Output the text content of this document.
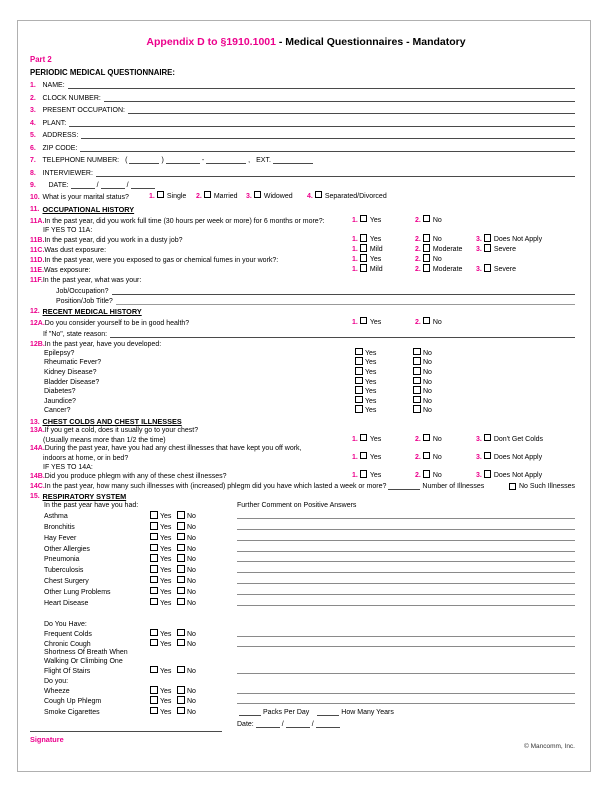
Appendix D to §1910.1001 - Medical Questionnaires - Mandatory
Part 2
PERIODIC MEDICAL QUESTIONNAIRE:
1. NAME:
2. CLOCK NUMBER:
3. PRESENT OCCUPATION:
4. PLANT:
5. ADDRESS:
6. ZIP CODE:
7. TELEPHONE NUMBER: (	)	-	, EXT.
8. INTERVIEWER:
9.	DATE:	/	/
10. What is your marital status?	1. Single 2. Married 3. Widowed 4. Separated/Divorced
11. OCCUPATIONAL HISTORY
11A. In the past year, did you work full time (30 hours per week or more) for 6 months or more?:	1. Yes	2. No
IF YES TO 11A:
11B. In the past year, did you work in a dusty job?	1. Yes	2. No	3. Does Not Apply
11C. Was dust exposure:	1. Mild	2. Moderate 3. Severe
11D. In the past year, were you exposed to gas or chemical fumes in your work?:	1. Yes	2. No
11E. Was exposure:	1. Mild	2. Moderate 3. Severe
11F. In the past year, what was your:
Job/Occupation?
Position/Job Title?
12. RECENT MEDICAL HISTORY
12A. Do you consider yourself to be in good health?	1. Yes	2. No
If "No", state reason:
12B. In the past year, have you developed:
Epilepsy?	Yes	No
Rheumatic Fever?	Yes	No
Kidney Disease?	Yes	No
Bladder Disease?	Yes	No
Diabetes?	Yes	No
Jaundice?	Yes	No
Cancer?	Yes	No
13. CHEST COLDS AND CHEST ILLNESSES
13A. If you get a cold, does it usually go to your chest?
(Usually means more than 1/2 the time)	1. Yes	2. No	3. Don't Get Colds
14A. During the past year, have you had any chest illnesses that have kept you off work,
indoors at home, or in bed?	1. Yes	2. No	3. Does Not Apply
IF YES TO 14A:
14B. Did you produce phlegm with any of these chest illnesses?	1. Yes	2. No	3. Does Not Apply
14C. In the past year, how many such illnesses with (increased) phlegm did you have which lasted a week or more?	Number of Illnesses	No Such Illnesses
15. RESPIRATORY SYSTEM
In the past year have you had:	Further Comment on Positive Answers
Asthma	Yes	No
Bronchitis	Yes	No
Hay Fever	Yes	No
Other Allergies	Yes	No
Pneumonia	Yes	No
Tuberculosis	Yes	No
Chest Surgery	Yes	No
Other Lung Problems	Yes	No
Heart Disease	Yes	No
Do You Have:
Frequent Colds	Yes	No
Chronic Cough	Yes	No
Shortness Of Breath When
Walking Or Climbing One
Flight Of Stairs	Yes	No
Do you:
Wheeze	Yes	No
Cough Up Phlegm	Yes	No
Smoke Cigarettes	Yes	No	Packs Per Day	How Many Years
Date:	/	/
Signature
© Mancomm, Inc.
